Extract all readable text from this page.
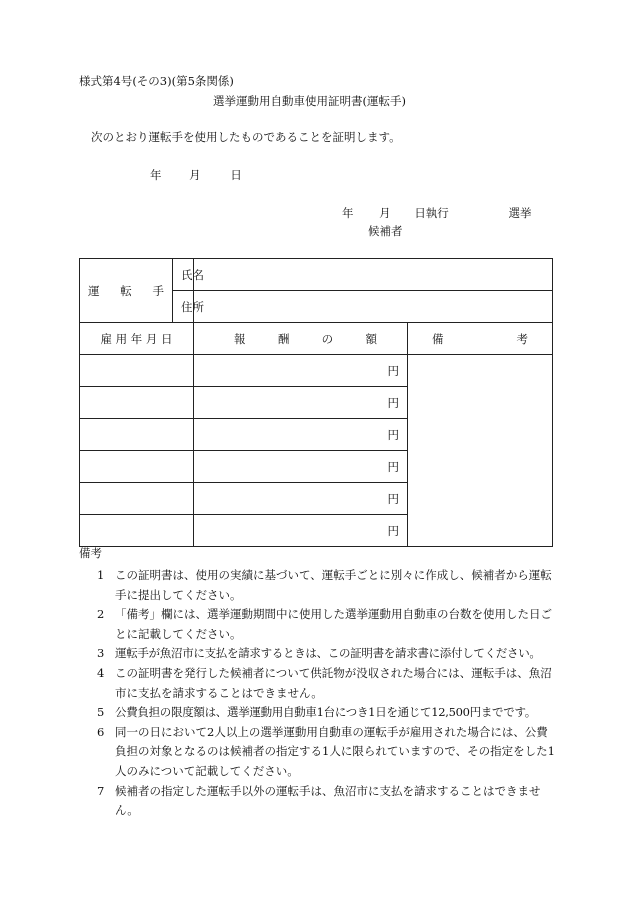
様式第4号(その3)(第5条関係)
選挙運動用自動車使用証明書(運転手)
次のとおり運転手を使用したものであることを証明します。
年 月	日
年 月 日執行	選挙
候補者
運 転 手	氏 名		

	住 所		

雇 用 年 月 日		報 酬 の 額	備 考

		円	
		円	
		円	
		円	
		円	
		円	
備考
1 この証明書は、使用の実績に基づいて、運転手ごとに別々に作成し、候補者から運転手に提出してください。
2 「備考」欄には、選挙運動期間中に使用した選挙運動用自動車の台数を使用した日ごとに記載してください。
3 運転手が魚沼市に支払を請求するときは、この証明書を請求書に添付してください。
4 この証明書を発行した候補者について供託物が没収された場合には、運転手は、魚沼市に支払を請求することはできません。
5 公費負担の限度額は、選挙運動用自動車1台につき1日を通じて12,500円までです。
6 同一の日において2人以上の選挙運動用自動車の運転手が雇用された場合には、公費負担の対象となるのは候補者の指定する1人に限られていますので、その指定をした1人のみについて記載してください。
7 候補者の指定した運転手以外の運転手は、魚沼市に支払を請求することはできません。
